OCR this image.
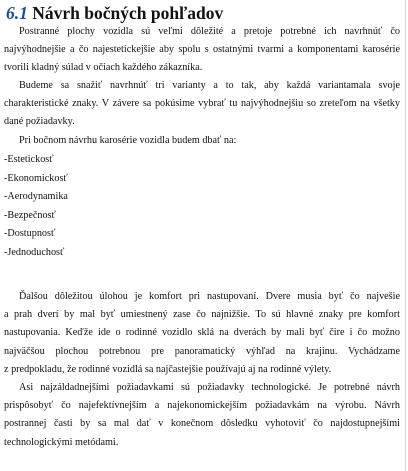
6.1 Návrh bočných pohľadov
Postranné plochy vozidla sú veľmi dôležité a pretoje potrebné ich navrhnúť čo
najvýhodnejšie a čo najestetickejšie aby spolu s ostatnými tvarmi a komponentami karosérie
tvorili kladný súlad v očiach každého zákazníka.
Budeme sa snažiť navrhnúť tri varianty a to tak, aby každá variantamala svoje
charakteristické znaky. V závere sa pokúsime vybrať tu najvýhodnejšiu so zreteľom na všetky
dané požiadavky.
Pri bočnom návrhu karosérie vozidla budem dbať na:
-Estetickosť
-Ekonomickosť
-Aerodynamika
-Bezpečnosť
-Dostupnosť
-Jednoduchosť
Ďalšou dôležitou úlohou je komfort pri nastupovaní. Dvere musia byť čo najvešie
a prah dverí by mal byť umiestnený zase čo najnižšie. To sú hlavné znaky pre komfort
nastupovania. Keďže ide o rodinné vozidlo sklá na dverách by mali byť čire i čo možno
najväčšou plochou potrebnou pre panoramatický výhľad na krajinu. Vychádzame
z predpokladu, že rodinné vozidlá sa najčastejšie používajú aj na rodinné výlety.
Asi najzáldadnejšími požiadavkami sú požiadavky technologické. Je potrebné návrh
prispôsobyť čo najefektívnejším a najekonomickejším požiadavkám na výrobu. Návrh
postrannej časti by sa mal dať v konečnom dôsledku vyhotoviť čo najdostupnejšími
technologickými metódami.
